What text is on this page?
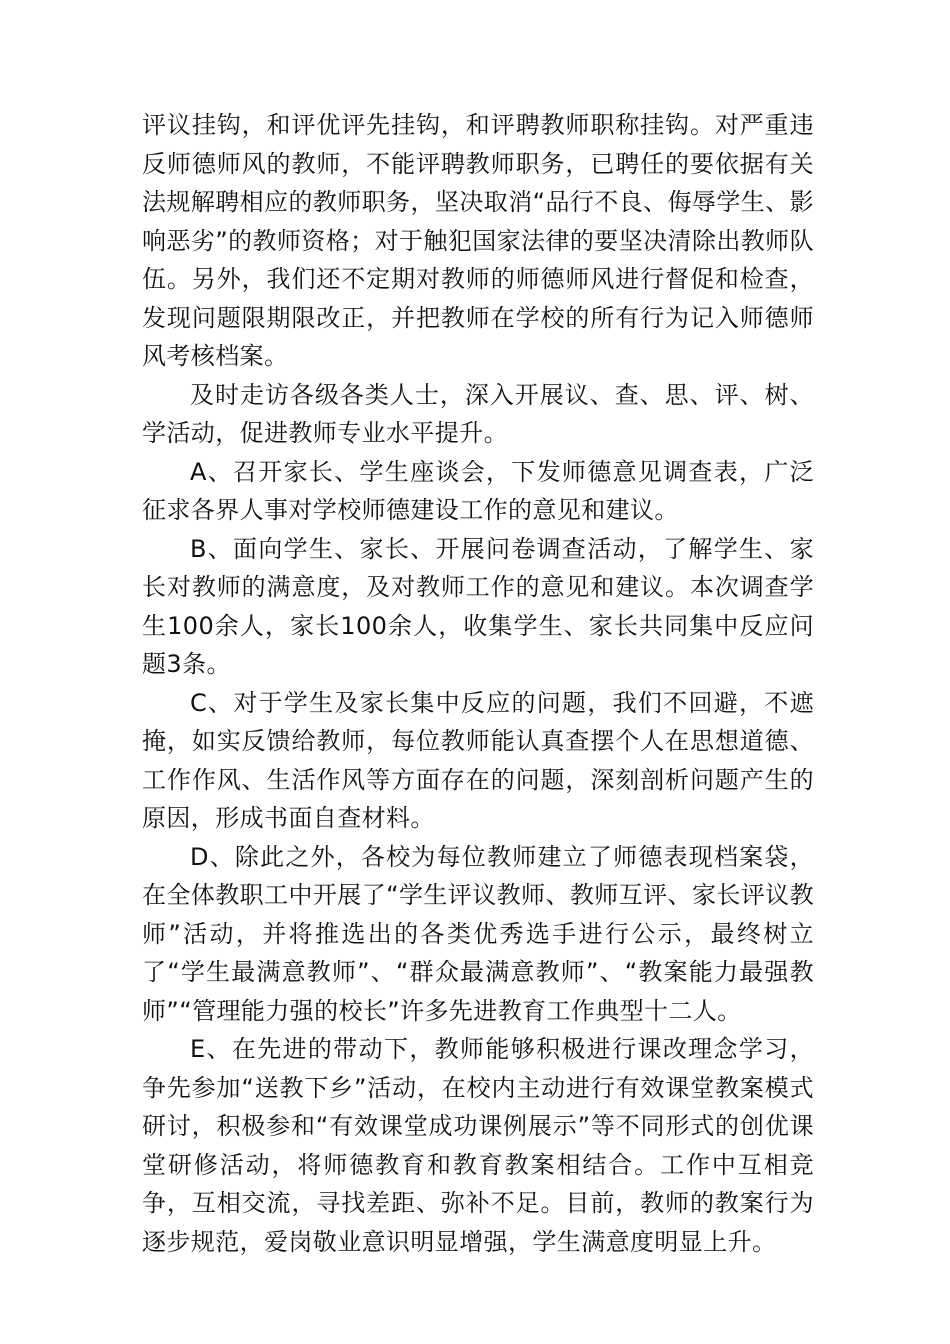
评议挂钩，和评优评先挂钩，和评聘教师职称挂钩。对严重违反师德师风的教师，不能评聘教师职务，已聘任的要依据有关法规解聘相应的教师职务，坚决取消“品行不良、侮辱学生、影响恶劣”的教师资格；对于触犯国家法律的要坚决清除出教师队伍。另外，我们还不定期对教师的师德师风进行督促和检查，发现问题限期限改正，并把教师在学校的所有行为记入师德师风考核档案。

及时走访各级各类人士，深入开展议、查、思、评、树、学活动，促进教师专业水平提升。

A、召开家长、学生座谈会，下发师德意见调查表，广泛征求各界人事对学校师德建设工作的意见和建议。

B、面向学生、家长、开展问卷调查活动，了解学生、家长对教师的满意度，及对教师工作的意见和建议。本次调查学生100余人，家长100余人，收集学生、家长共同集中反应问题3条。

C、对于学生及家长集中反应的问题，我们不回避，不遮掩，如实反馈给教师，每位教师能认真查摆个人在思想道德、工作作风、生活作风等方面存在的问题，深刻剖析问题产生的原因，形成书面自查材料。

D、除此之外，各校为每位教师建立了师德表现档案袋，在全体教职工中开展了“学生评议教师、教师互评、家长评议教师”活动，并将推选出的各类优秀选手进行公示，最终树立了“学生最满意教师”、“群众最满意教师”、“教案能力最强教师”“管理能力强的校长”许多先进教育工作典型十二人。

E、在先进的带动下，教师能够积极进行课改理念学习，争先参加“送教下乡”活动，在校内主动进行有效课堂教案模式研讨，积极参和“有效课堂成功课例展示”等不同形式的创优课堂研修活动，将师德教育和教育教案相结合。工作中互相竞争，互相交流，寻找差距、弥补不足。目前，教师的教案行为逐步规范，爱岗敬业意识明显增强，学生满意度明显上升。
